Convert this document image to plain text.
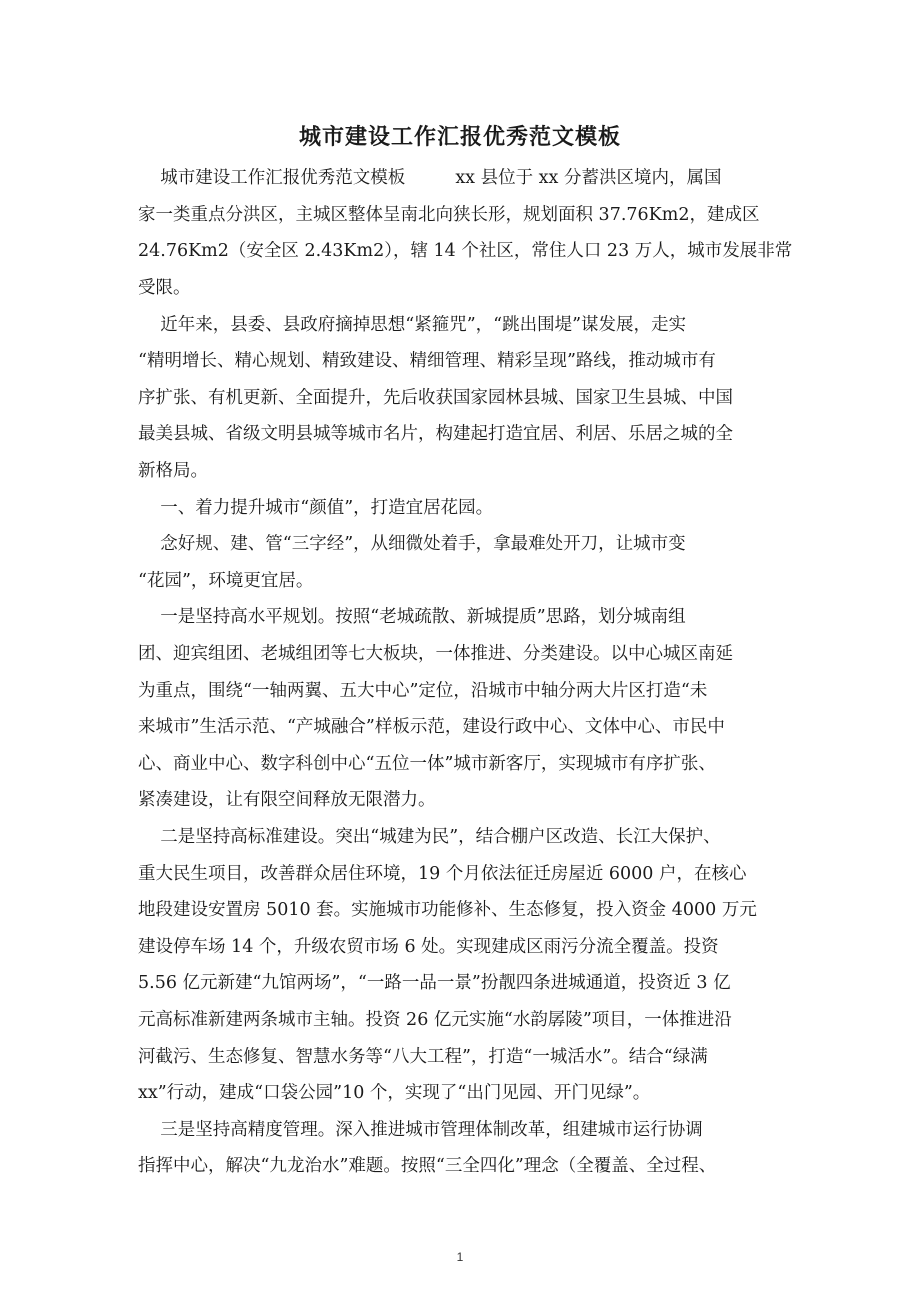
城市建设工作汇报优秀范文模板
城市建设工作汇报优秀范文模板         xx 县位于 xx 分蓄洪区境内，属国
家一类重点分洪区，主城区整体呈南北向狭长形，规划面积 37.76Km2，建成区
24.76Km2（安全区 2.43Km2），辖 14 个社区，常住人口 23 万人，城市发展非常
受限。
近年来，县委、县政府摘掉思想“紧箍咒”，“跳出围堤”谋发展，走实
“精明增长、精心规划、精致建设、精细管理、精彩呈现”路线，推动城市有
序扩张、有机更新、全面提升，先后收获国家园林县城、国家卫生县城、中国
最美县城、省级文明县城等城市名片，构建起打造宜居、利居、乐居之城的全
新格局。
一、着力提升城市“颜值”，打造宜居花园。
念好规、建、管“三字经”，从细微处着手，拿最难处开刀，让城市变
“花园”，环境更宜居。
一是坚持高水平规划。按照“老城疏散、新城提质”思路，划分城南组
团、迎宾组团、老城组团等七大板块，一体推进、分类建设。以中心城区南延
为重点，围绕“一轴两翼、五大中心”定位，沿城市中轴分两大片区打造“未
来城市”生活示范、“产城融合”样板示范，建设行政中心、文体中心、市民中
心、商业中心、数字科创中心“五位一体”城市新客厅，实现城市有序扩张、
紧凑建设，让有限空间释放无限潜力。
二是坚持高标准建设。突出“城建为民”，结合棚户区改造、长江大保护、
重大民生项目，改善群众居住环境，19 个月依法征迁房屋近 6000 户，在核心
地段建设安置房 5010 套。实施城市功能修补、生态修复，投入资金 4000 万元
建设停车场 14 个，升级农贸市场 6 处。实现建成区雨污分流全覆盖。投资
5.56 亿元新建“九馆两场”，“一路一品一景”扮靓四条进城通道，投资近 3 亿
元高标准新建两条城市主轴。投资 26 亿元实施“水韵孱陵”项目，一体推进沿
河截污、生态修复、智慧水务等“八大工程”，打造“一城活水”。结合“绿满
xx”行动，建成“口袋公园”10 个，实现了“出门见园、开门见绿”。
三是坚持高精度管理。深入推进城市管理体制改革，组建城市运行协调
指挥中心，解决“九龙治水”难题。按照“三全四化”理念（全覆盖、全过程、
1
